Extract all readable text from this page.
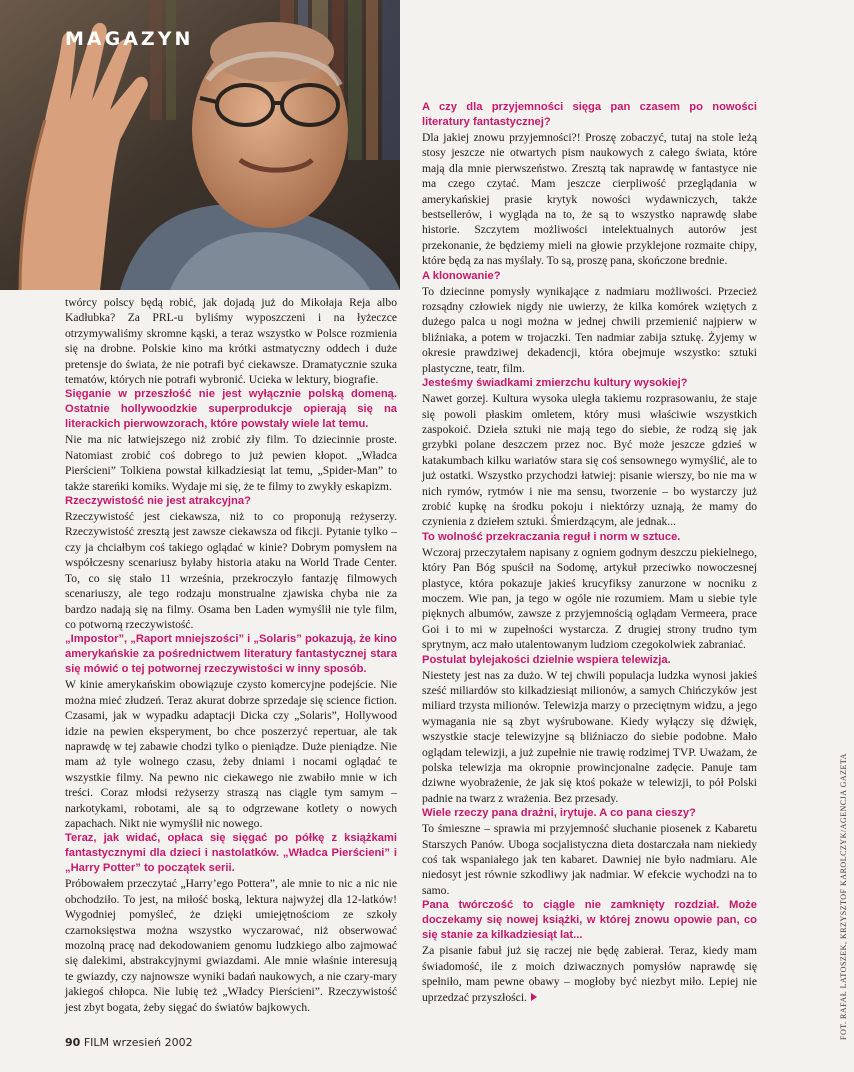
MAGAZYN

twórcy polscy będą robić, jak dojadą już do Mikołaja Reja albo Kadłubka? Za PRL-u byliśmy wyposzczeni i na łyżeczce otrzymywaliśmy skromne kąski, a teraz wszystko w Polsce rozmienia się na drobne. Polskie kino ma krótki astmatyczny oddech i duże pretensje do świata, że nie potrafi być ciekawsze. Dramatycznie szuka tematów, których nie potrafi wybronić. Ucieka w lektury, biografie.

Sięganie w przeszłość nie jest wyłącznie polską domeną. Ostatnie hollywoodzkie superprodukcje opierają się na literackich pierwowzorach, które powstały wiele lat temu.

Nie ma nic łatwiejszego niż zrobić zły film. To dziecinnie proste. Natomiast zrobić coś dobrego to już pewien kłopot. „Władca Pierścieni” Tolkiena powstał kilkadziesiąt lat temu, „Spider-Man” to także stareńki komiks. Wydaje mi się, że te filmy to zwykły eskapizm.

Rzeczywistość nie jest atrakcyjna?

Rzeczywistość jest ciekawsza, niż to co proponują reżyserzy. Rzeczywistość zresztą jest zawsze ciekawsza od fikcji. Pytanie tylko – czy ja chciałbym coś takiego oglądać w kinie? Dobrym pomysłem na współczesny scenariusz byłaby historia ataku na World Trade Center. To, co się stało 11 września, przekroczyło fantazję filmowych scenariuszy, ale tego rodzaju monstrualne zjawiska chyba nie za bardzo nadają się na filmy. Osama ben Laden wymyślił nie tyle film, co potworną rzeczywistość.

„Impostor”, „Raport mniejszości” i „Solaris” pokazują, że kino amerykańskie za pośrednictwem literatury fantastycznej stara się mówić o tej potwornej rzeczywistości w inny sposób.

W kinie amerykańskim obowiązuje czysto komercyjne podejście. Nie można mieć złudzeń. Teraz akurat dobrze sprzedaje się science fiction. Czasami, jak w wypadku adaptacji Dicka czy „Solaris”, Hollywood idzie na pewien eksperyment, bo chce poszerzyć repertuar, ale tak naprawdę w tej zabawie chodzi tylko o pieniądze. Duże pieniądze. Nie mam aż tyle wolnego czasu, żeby dniami i nocami oglądać te wszystkie filmy. Na pewno nic ciekawego nie zwabiło mnie w ich treści. Coraz młodsi reżyserzy straszą nas ciągle tym samym – narkotykami, robotami, ale są to odgrzewane kotlety o nowych zapachach. Nikt nie wymyślił nic nowego.

Teraz, jak widać, opłaca się sięgać po półkę z książkami fantastycznymi dla dzieci i nastolatków. „Władca Pierścieni” i „Harry Potter” to początek serii.

Próbowałem przeczytać „Harry’ego Pottera”, ale mnie to nic a nic nie obchodziło. To jest, na miłość boską, lektura najwyżej dla 12-latków! Wygodniej pomyśleć, że dzięki umiejętnościom ze szkoły czarnoksięstwa można wszystko wyczarować, niż obserwować mozolną pracę nad dekodowaniem genomu ludzkiego albo zajmować się dalekimi, abstrakcyjnymi gwiazdami. Ale mnie właśnie interesują te gwiazdy, czy najnowsze wyniki badań naukowych, a nie czary-mary jakiegoś chłopca. Nie lubię też „Władcy Pierścieni”. Rzeczywistość jest zbyt bogata, żeby sięgać do światów bajkowych.

A czy dla przyjemności sięga pan czasem po nowości literatury fantastycznej?

Dla jakiej znowu przyjemności?! Proszę zobaczyć, tutaj na stole leżą stosy jeszcze nie otwartych pism naukowych z całego świata, które mają dla mnie pierwszeństwo. Zresztą tak naprawdę w fantastyce nie ma czego czytać. Mam jeszcze cierpliwość przeglądania w amerykańskiej prasie krytyk nowości wydawniczych, także bestsellerów, i wygląda na to, że są to wszystko naprawdę słabe historie. Szczytem możliwości intelektualnych autorów jest przekonanie, że będziemy mieli na głowie przyklejone rozmaite chipy, które będą za nas myślały. To są, proszę pana, skończone brednie.

A klonowanie?

To dziecinne pomysły wynikające z nadmiaru możliwości. Przecież rozsądny człowiek nigdy nie uwierzy, że kilka komórek wziętych z dużego palca u nogi można w jednej chwili przemienić najpierw w bliźniaka, a potem w trojaczki. Ten nadmiar zabija sztukę. Żyjemy w okresie prawdziwej dekadencji, która obejmuje wszystko: sztuki plastyczne, teatr, film.

Jesteśmy świadkami zmierzchu kultury wysokiej?

Nawet gorzej. Kultura wysoka uległa takiemu rozprasowaniu, że staje się powoli płaskim omletem, który musi właściwie wszystkich zaspokoić. Dzieła sztuki nie mają tego do siebie, że rodzą się jak grzybki polane deszczem przez noc. Być może jeszcze gdzieś w katakumbach kilku wariatów stara się coś sensownego wymyślić, ale to już ostatki. Wszystko przychodzi łatwiej: pisanie wierszy, bo nie ma w nich rymów, rytmów i nie ma sensu, tworzenie – bo wystarczy już zrobić kupkę na środku pokoju i niektórzy uznają, że mamy do czynienia z dziełem sztuki. Śmierdzącym, ale jednak...

To wolność przekraczania reguł i norm w sztuce.

Wczoraj przeczytałem napisany z ogniem godnym deszczu piekielnego, który Pan Bóg spuścił na Sodomę, artykuł przeciwko nowoczesnej plastyce, która pokazuje jakieś krucyfiksy zanurzone w nocniku z moczem. Wie pan, ja tego w ogóle nie rozumiem. Mam u siebie tyle pięknych albumów, zawsze z przyjemnością oglądam Vermeera, prace Goi i to mi w zupełności wystarcza. Z drugiej strony trudno tym sprytnym, acz mało utalentowanym ludziom czegokolwiek zabraniać.

Postulat bylejakości dzielnie wspiera telewizja.

Niestety jest nas za dużo. W tej chwili populacja ludzka wynosi jakieś sześć miliardów sto kilkadziesiąt milionów, a samych Chińczyków jest miliard trzysta milionów. Telewizja marzy o przeciętnym widzu, a jego wymagania nie są zbyt wyśrubowane. Kiedy wyłączy się dźwięk, wszystkie stacje telewizyjne są bliźniaczo do siebie podobne. Mało oglądam telewizji, a już zupełnie nie trawię rodzimej TVP. Uważam, że polska telewizja ma okropnie prowincjonalne zadęcie. Panuje tam dziwne wyobrażenie, że jak się ktoś pokaże w telewizji, to pół Polski padnie na twarz z wrażenia. Bez przesady.

Wiele rzeczy pana drażni, irytuje. A co pana cieszy?

To śmieszne – sprawia mi przyjemność słuchanie piosenek z Kabaretu Starszych Panów. Uboga socjalistyczna dieta dostarczała nam niekiedy coś tak wspaniałego jak ten kabaret. Dawniej nie było nadmiaru. Ale niedosyt jest równie szkodliwy jak nadmiar. W efekcie wychodzi na to samo.

Pana twórczość to ciągle nie zamknięty rozdział. Może doczekamy się nowej książki, w której znowu opowie pan, co się stanie za kilkadziesiąt lat...

Za pisanie fabuł już się raczej nie będę zabierał. Teraz, kiedy mam świadomość, ile z moich dziwacznych pomysłów naprawdę się spełniło, mam pewne obawy – mogłoby być niezbyt miło. Lepiej nie uprzedzać przyszłości.

90 FILM wrzesień 2002
FOT. RAFAŁ LATOSZEK, KRZYSZTOF KAROLCZYK/AGENCJA GAZETA
